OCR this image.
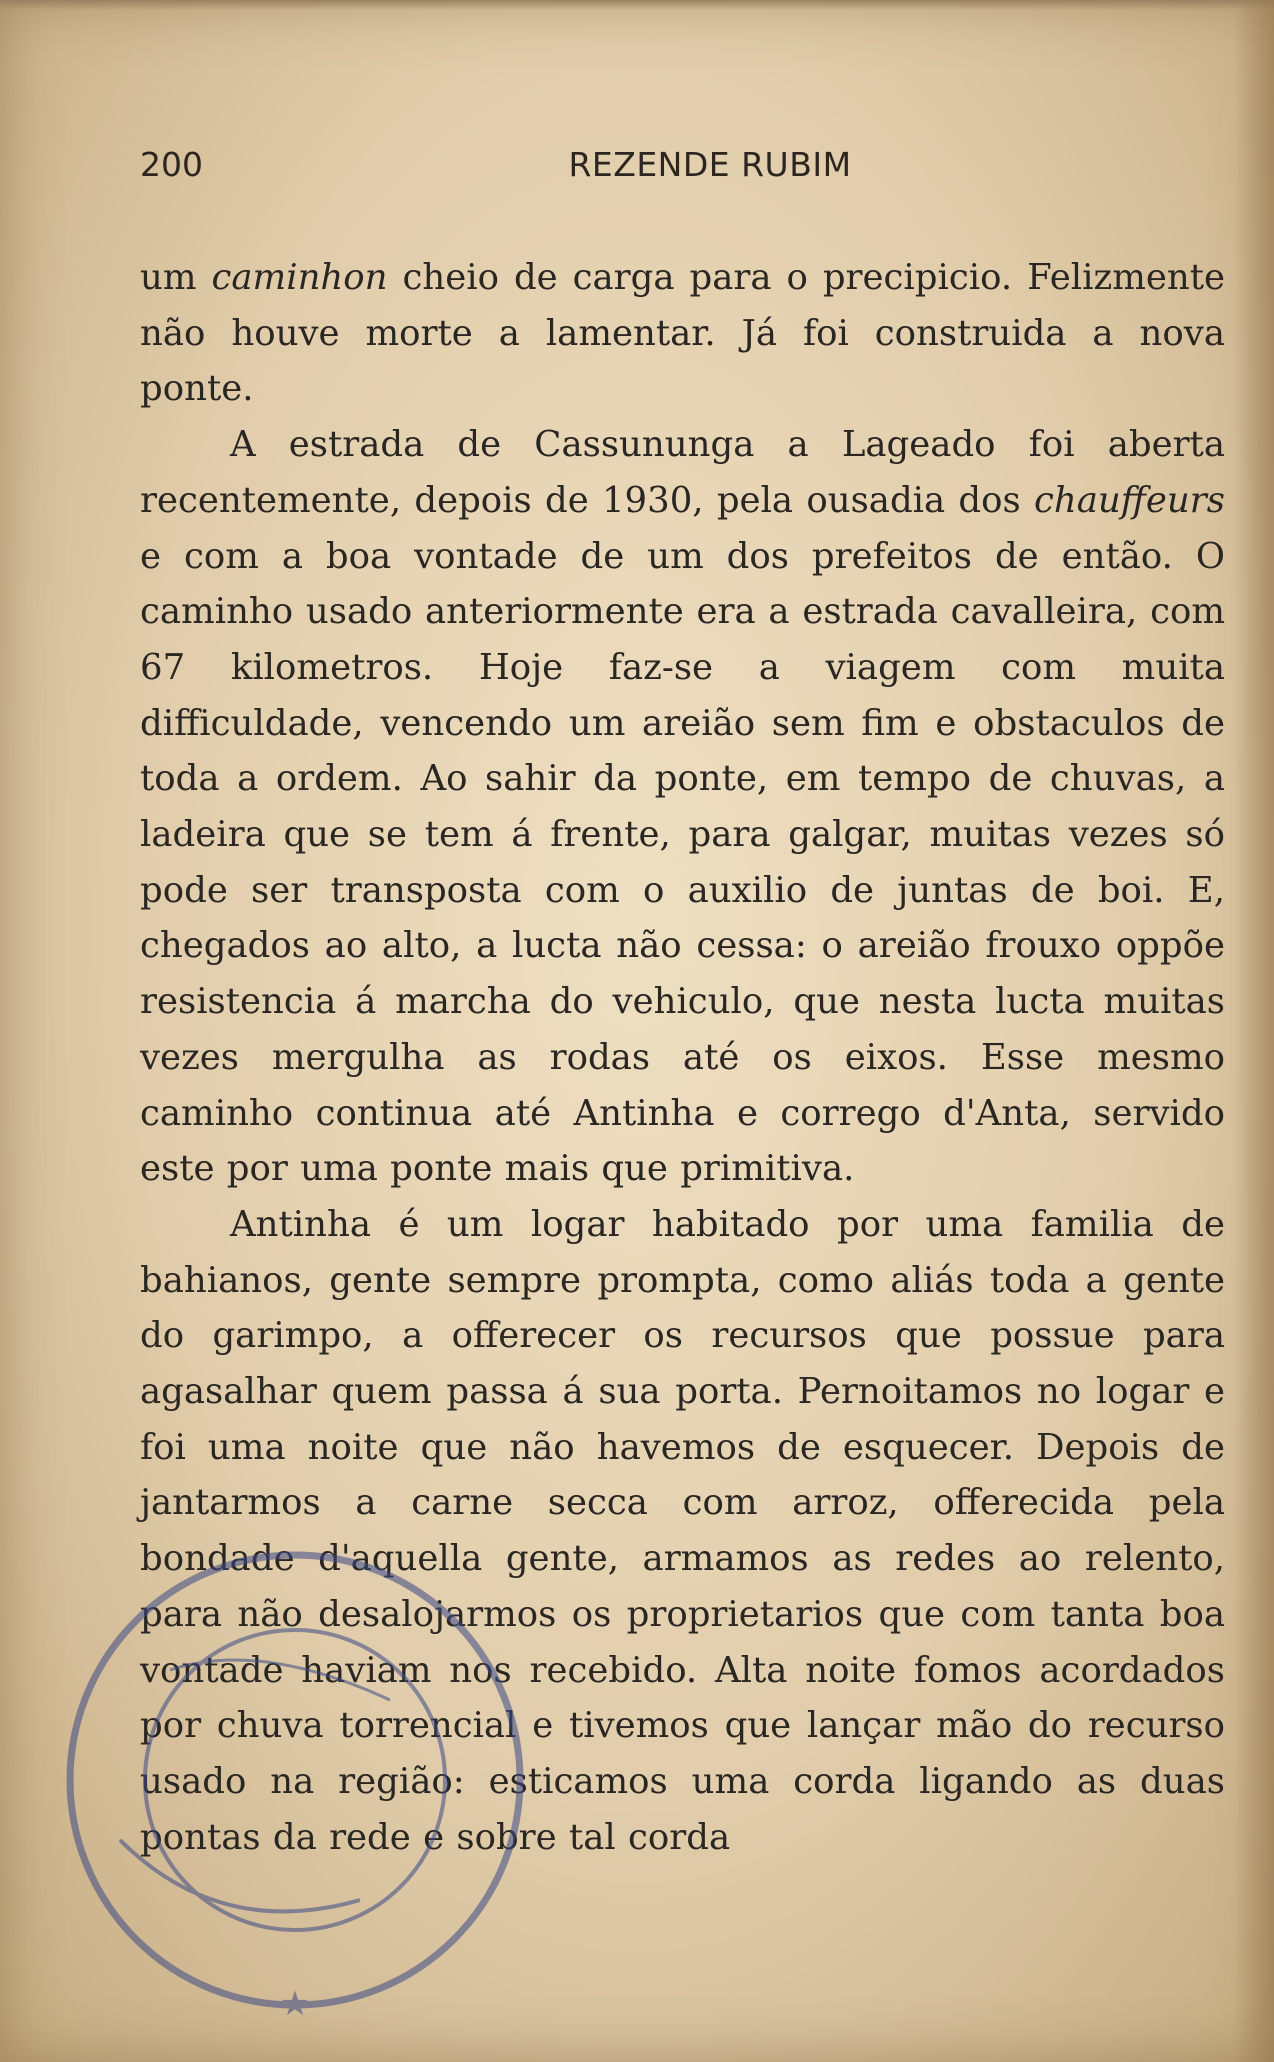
200	REZENDE RUBIM

um caminhon cheio de carga para o precipicio. Felizmente não houve morte a lamentar. Já foi construida a nova ponte.

A estrada de Cassununga a Lageado foi aberta recentemente, depois de 1930, pela ousadia dos chauffeurs e com a boa vontade de um dos prefeitos de então. O caminho usado anteriormente era a estrada cavalleira, com 67 kilometros. Hoje faz-se a viagem com muita difficuldade, vencendo um areião sem fim e obstaculos de toda a ordem. Ao sahir da ponte, em tempo de chuvas, a ladeira que se tem á frente, para galgar, muitas vezes só pode ser transposta com o auxilio de juntas de boi. E, chegados ao alto, a lucta não cessa: o areião frouxo oppõe resistencia á marcha do vehiculo, que nesta lucta muitas vezes mergulha as rodas até os eixos. Esse mesmo caminho continua até Antinha e corrego d'Anta, servido este por uma ponte mais que primitiva.

Antinha é um logar habitado por uma familia de bahianos, gente sempre prompta, como aliás toda a gente do garimpo, a offerecer os recursos que possue para agasalhar quem passa á sua porta. Pernoitamos no logar e foi uma noite que não havemos de esquecer. Depois de jantarmos a carne secca com arroz, offerecida pela bondade d'aquella gente, armamos as redes ao relento, para não desalojarmos os proprietarios que com tanta boa vontade haviam nos recebido. Alta noite fomos acordados por chuva torrencial e tivemos que lançar mão do recurso usado na região: esticamos uma corda ligando as duas pontas da rede e sobre tal corda

★
